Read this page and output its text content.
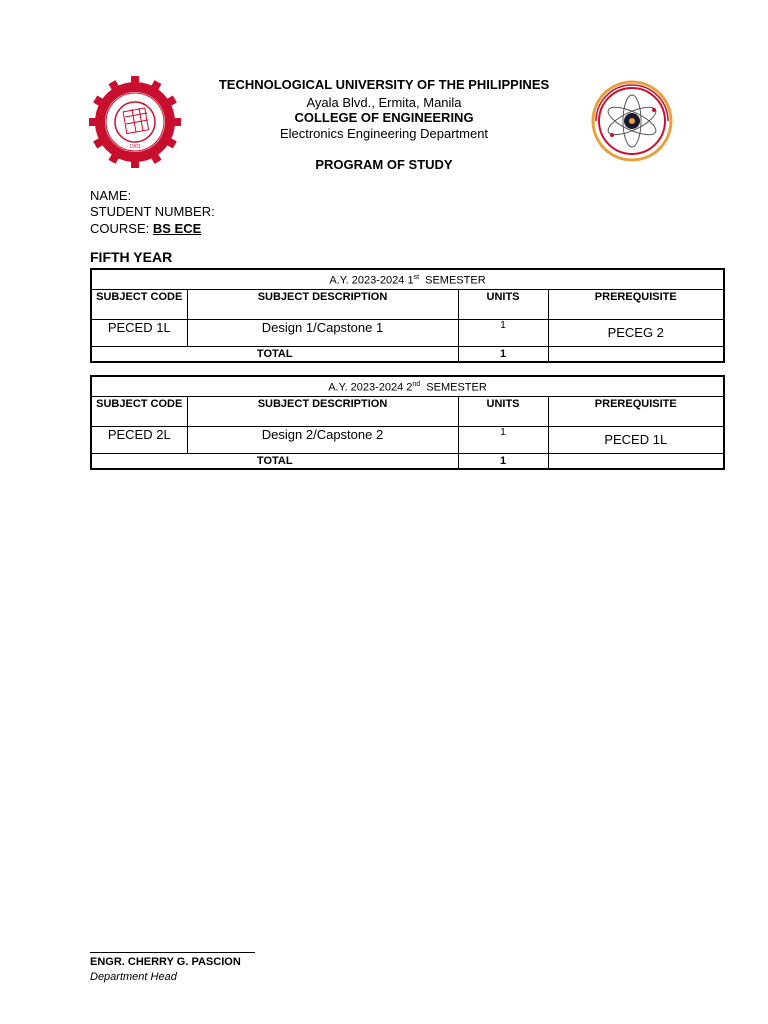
· 1901 ·
TECHNOLOGICAL UNIVERSITY OF THE PHILIPPINES
Ayala Blvd., Ermita, Manila
COLLEGE OF ENGINEERING
Electronics Engineering Department
PROGRAM OF STUDY
NAME:
STUDENT NUMBER:
COURSE: BS ECE
FIFTH YEAR
A.Y. 2023-2024 1st  SEMESTER			
SUBJECT CODE	SUBJECT DESCRIPTION	UNITS	PREREQUISITE
PECED 1L	Design 1/Capstone 1	1	PECEG 2
TOTAL		1	
A.Y. 2023-2024 2nd  SEMESTER			
SUBJECT CODE	SUBJECT DESCRIPTION	UNITS	PREREQUISITE
PECED 2L	Design 2/Capstone 2	1	PECED 1L
TOTAL		1	
ENGR. CHERRY G. PASCION
Department Head
